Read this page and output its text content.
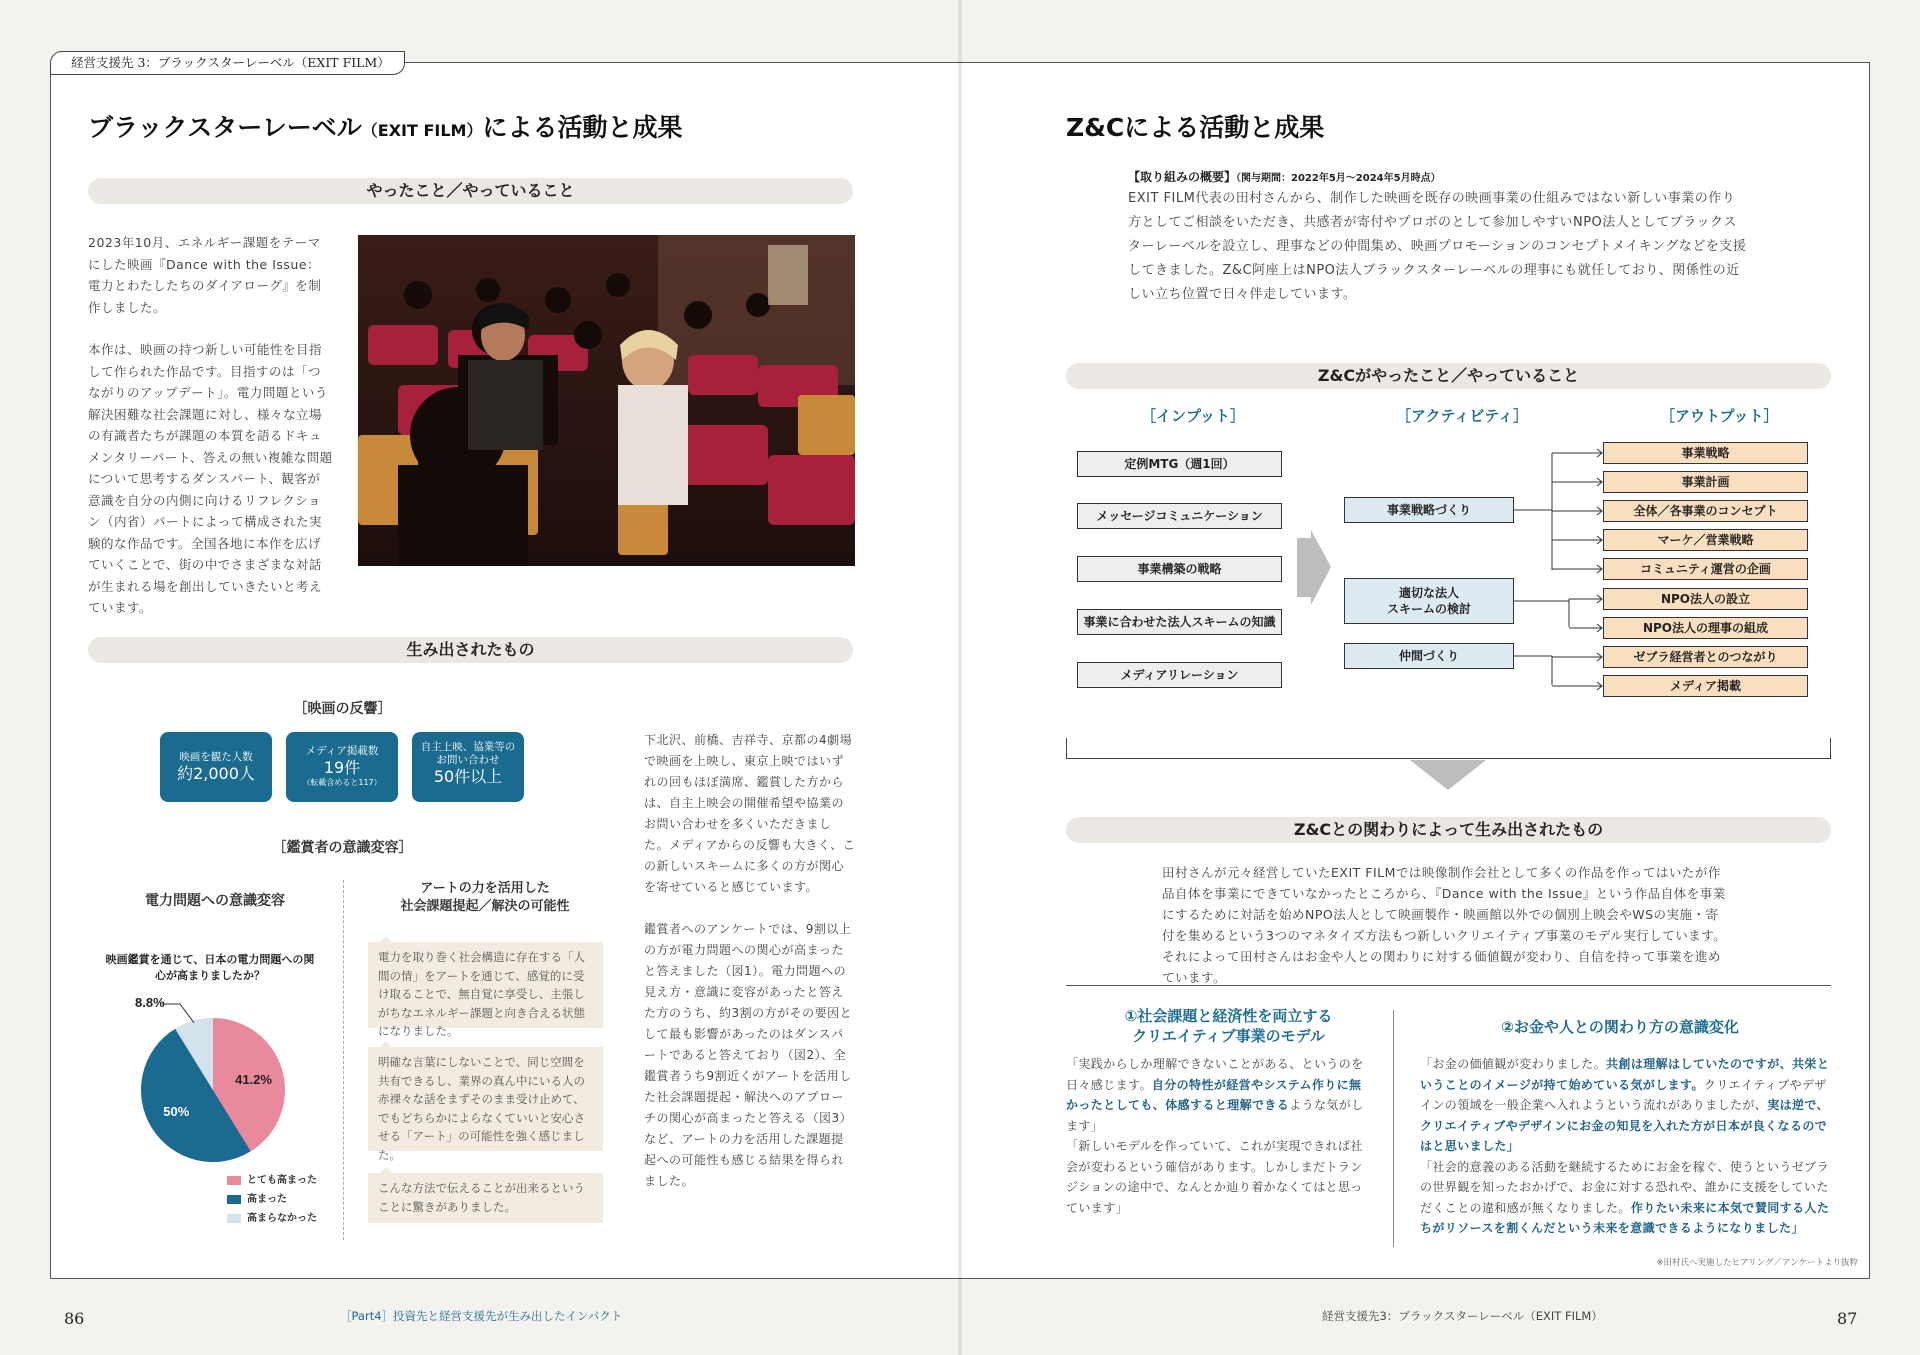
経営支援先 3：ブラックスターレーベル（EXIT FILM）
ブラックスターレーベル（EXIT FILM）による活動と成果
やったこと／やっていること

2023年10月、エネルギー課題をテーマにした映画『Dance with the Issue：電力とわたしたちのダイアローグ』を制作しました。

本作は、映画の持つ新しい可能性を目指して作られた作品です。目指すのは「つながりのアップデート」。電力問題という解決困難な社会課題に対し、様々な立場の有識者たちが課題の本質を語るドキュメンタリーパート、答えの無い複雑な問題について思考するダンスパート、観客が意識を自分の内側に向けるリフレクション（内省）パートによって構成された実験的な作品です。全国各地に本作を広げていくことで、街の中でさまざまな対話が生まれる場を創出していきたいと考えています。

生み出されたもの
［映画の反響］
映画を観た人数
約2,000人
メディア掲載数
19件
（転載含めると117）
自主上映、協業等のお問い合わせ
50件以上
［鑑賞者の意識変容］
電力問題への意識変容
アートの力を活用した
社会課題提起／解決の可能性
映画鑑賞を通じて、日本の電力問題への関心が高まりましたか？
41.2%
50%
8.8%
とても高まった
高まった
高まらなかった
電力を取り巻く社会構造に存在する「人間の情」をアートを通じて、感覚的に受け取ることで、無自覚に享受し、主張しがちなエネルギー課題と向き合える状態になりました。
明確な言葉にしないことで、同じ空間を共有できるし、業界の真ん中にいる人の赤裸々な話をまずそのまま受け止めて、でもどちらかによらなくていいと安心させる「アート」の可能性を強く感じました。
こんな方法で伝えることが出来るということに驚きがありました。

下北沢、前橋、吉祥寺、京都の4劇場で映画を上映し、東京上映ではいずれの回もほぼ満席、鑑賞した方からは、自主上映会の開催希望や協業のお問い合わせを多くいただきました。メディアからの反響も大きく、この新しいスキームに多くの方が関心を寄せていると感じています。

鑑賞者へのアンケートでは、9割以上の方が電力問題への関心が高まったと答えました（図1）。電力問題への見え方・意識に変容があったと答えた方のうち、約3割の方がその要因として最も影響があったのはダンスパートであると答えており（図2）、全鑑賞者うち9割近くがアートを活用した社会課題提起・解決へのアプローチの関心が高まったと答える（図3）など、アートの力を活用した課題提起への可能性も感じる結果を得られました。

Z&Cによる活動と成果
【取り組みの概要】（関与期間：2022年5月〜2024年5月時点）
EXIT FILM代表の田村さんから、制作した映画を既存の映画事業の仕組みではない新しい事業の作り方としてご相談をいただき、共感者が寄付やプロボのとして参加しやすいNPO法人としてブラックスターレーベルを設立し、理事などの仲間集め、映画プロモーションのコンセプトメイキングなどを支援してきました。Z&C阿座上はNPO法人ブラックスターレーベルの理事にも就任しており、関係性の近しい立ち位置で日々伴走しています。
Z&Cがやったこと／やっていること
［インプット］	［アクティビティ］	［アウトプット］
定例MTG（週1回）
メッセージコミュニケーション
事業構築の戦略
事業に合わせた法人スキームの知識
メディアリレーション
事業戦略づくり
適切な法人
スキームの検討
仲間づくり
事業戦略
事業計画
全体／各事業のコンセプト
マーケ／営業戦略
コミュニティ運営の企画
NPO法人の設立
NPO法人の理事の組成
ゼブラ経営者とのつながり
メディア掲載
Z&Cとの関わりによって生み出されたもの
田村さんが元々経営していたEXIT FILMでは映像制作会社として多くの作品を作ってはいたが作品自体を事業にできていなかったところから、『Dance with the Issue』という作品自体を事業にするために対話を始めNPO法人として映画製作・映画館以外での個別上映会やWSの実施・寄付を集めるという3つのマネタイズ方法もつ新しいクリエイティブ事業のモデル実行しています。それによって田村さんはお金や人との関わりに対する価値観が変わり、自信を持って事業を進めています。
①社会課題と経済性を両立する
クリエイティブ事業のモデル	②お金や人との関わり方の意識変化
「実践からしか理解できないことがある、というのを日々感じます。自分の特性が経営やシステム作りに無かったとしても、体感すると理解できるような気がします」
「新しいモデルを作っていて、これが実現できれば社会が変わるという確信があります。しかしまだトランジションの途中で、なんとか辿り着かなくてはと思っています」
「お金の価値観が変わりました。共創は理解はしていたのですが、共栄ということのイメージが持て始めている気がします。クリエイティブやデザインの領域を一般企業へ入れようという流れがありましたが、実は逆で、クリエイティブやデザインにお金の知見を入れた方が日本が良くなるのではと思いました」
「社会的意義のある活動を継続するためにお金を稼ぐ、使うというゼブラの世界観を知ったおかげで、お金に対する恐れや、誰かに支援をしていただくことの違和感が無くなりました。作りたい未来に本気で賛同する人たちがリソースを割くんだという未来を意識できるようになりました」
※田村氏へ実施したヒアリング／アンケートより抜粋
86	［Part4］投資先と経営支援先が生み出したインパクト	経営支援先3：ブラックスターレーベル（EXIT FILM）	87
